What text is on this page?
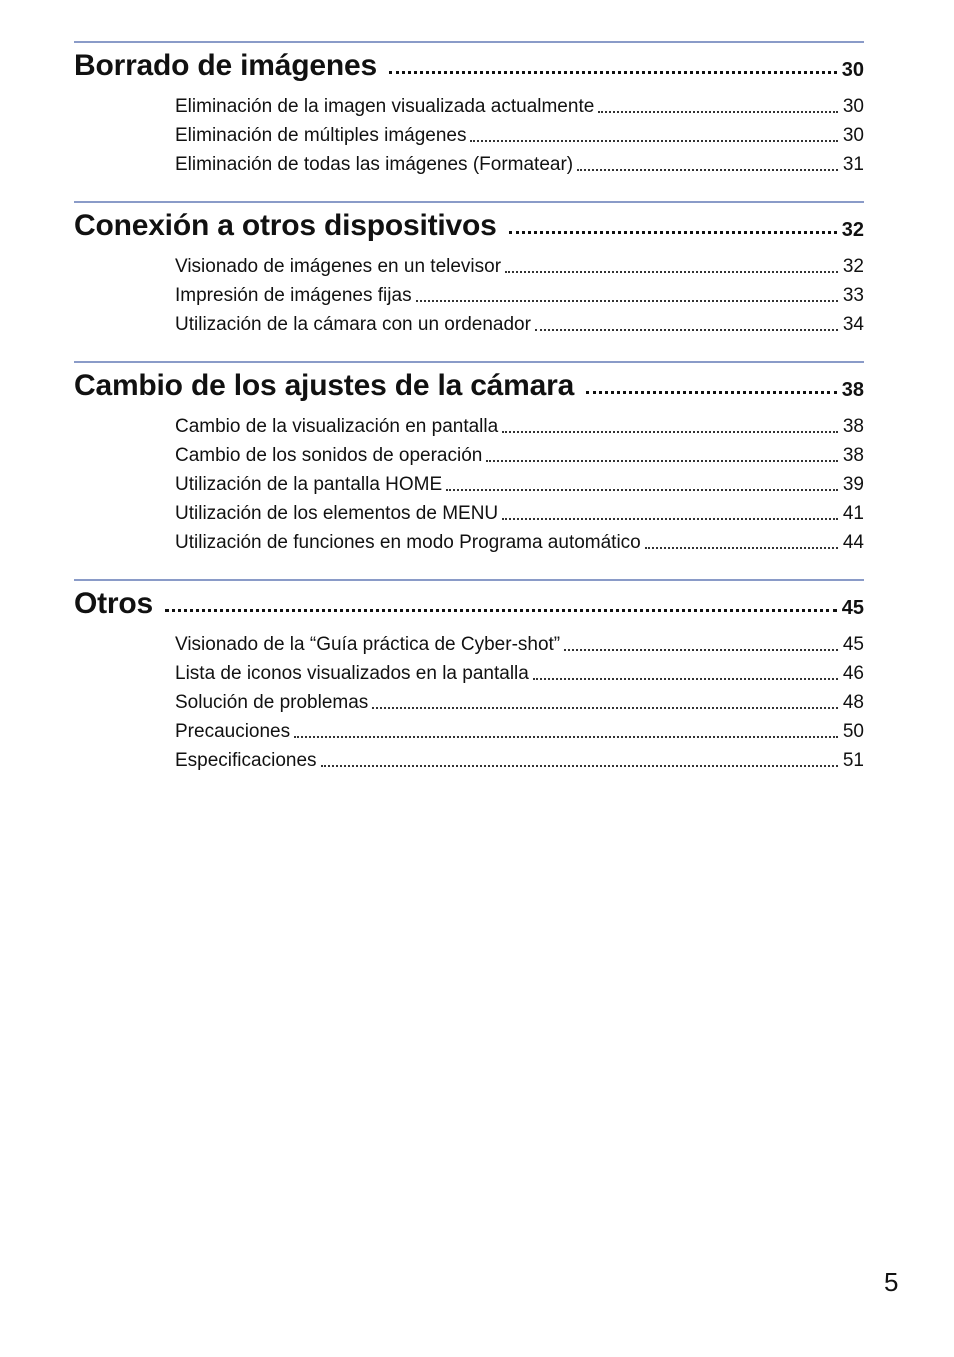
Borrado de imágenes	30
Eliminación de la imagen visualizada actualmente	30
Eliminación de múltiples imágenes	30
Eliminación de todas las imágenes (Formatear)	31
Conexión a otros dispositivos	32
Visionado de imágenes en un televisor	32
Impresión de imágenes fijas	33
Utilización de la cámara con un ordenador	34
Cambio de los ajustes de la cámara	38
Cambio de la visualización en pantalla	38
Cambio de los sonidos de operación	38
Utilización de la pantalla HOME	39
Utilización de los elementos de MENU	41
Utilización de funciones en modo Programa automático	44
Otros	45
Visionado de la “Guía práctica de Cyber-shot”	45
Lista de iconos visualizados en la pantalla	46
Solución de problemas	48
Precauciones	50
Especificaciones	51
5
